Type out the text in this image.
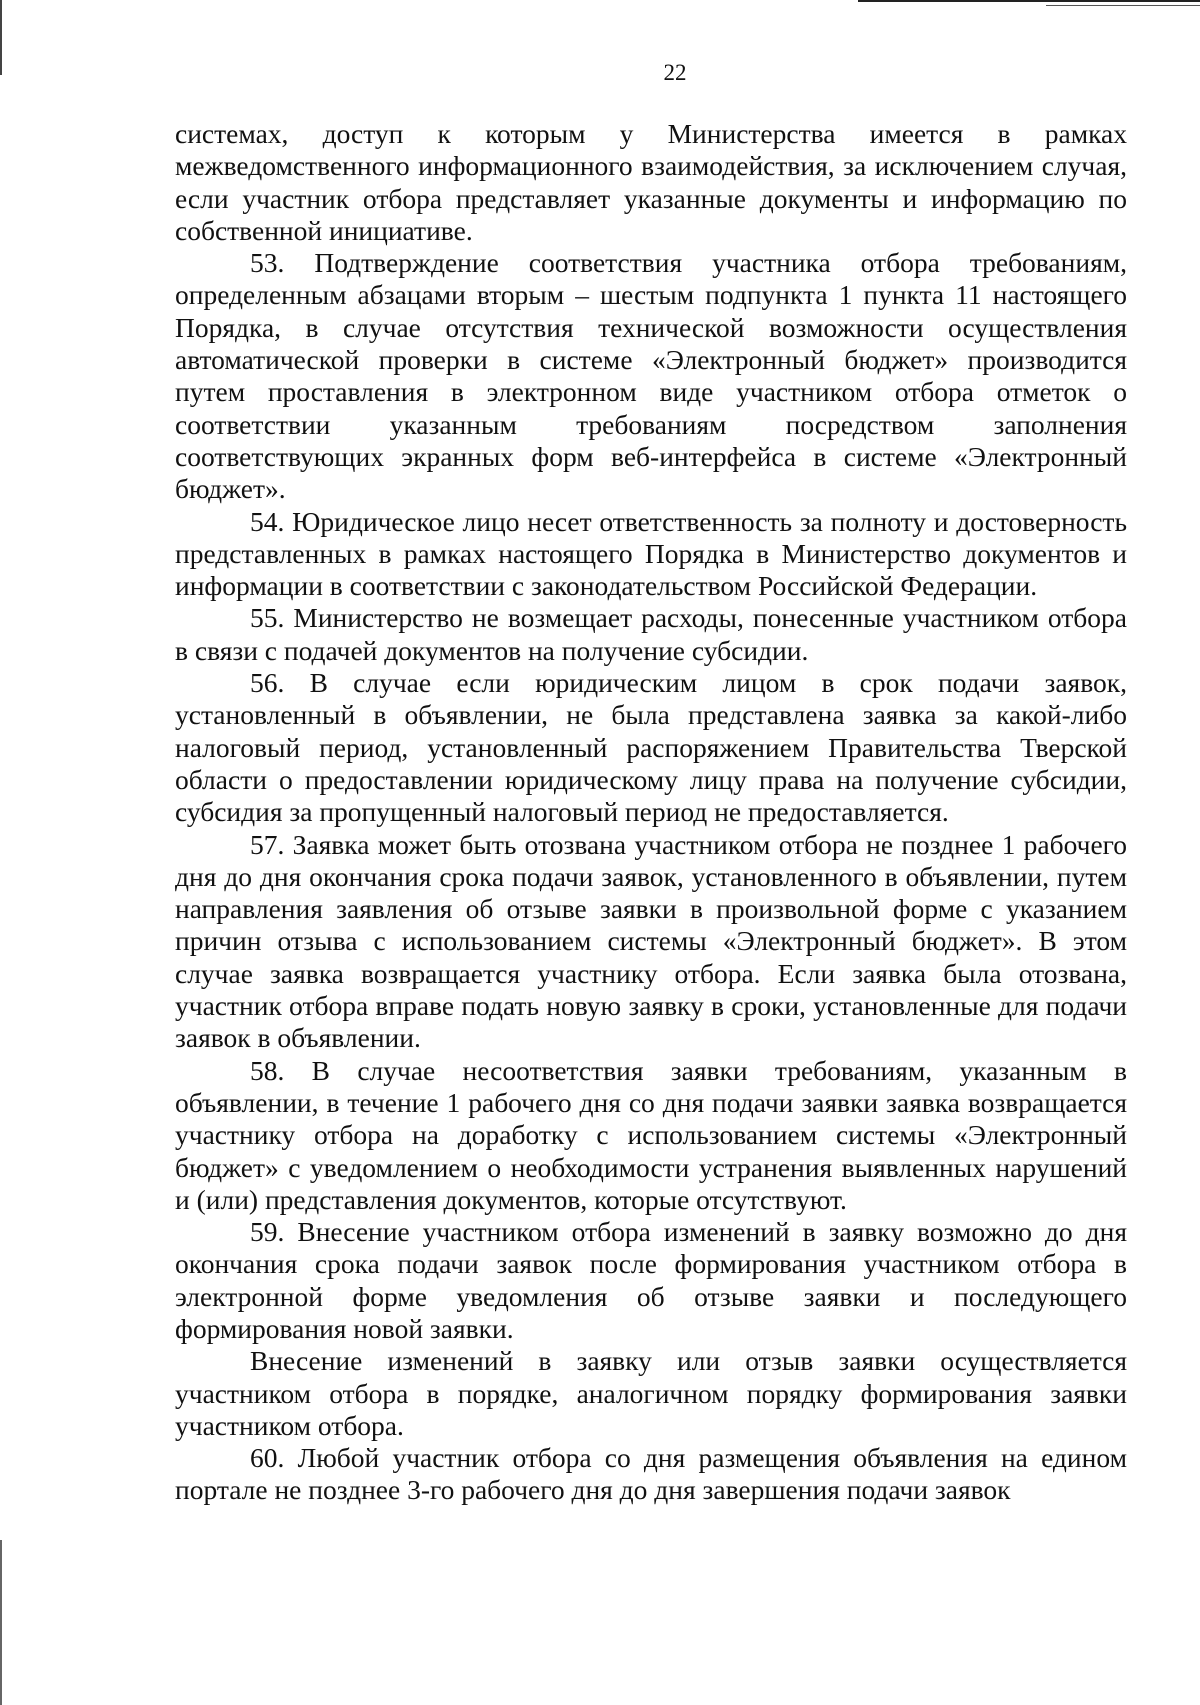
22

системах, доступ к которым у Министерства имеется в рамках межведомственного информационного взаимодействия, за исключением случая, если участник отбора представляет указанные документы и информацию по собственной инициативе.

53. Подтверждение соответствия участника отбора требованиям, определенным абзацами вторым – шестым подпункта 1 пункта 11 настоящего Порядка, в случае отсутствия технической возможности осуществления автоматической проверки в системе «Электронный бюджет» производится путем проставления в электронном виде участником отбора отметок о соответствии указанным требованиям посредством заполнения соответствующих экранных форм веб-интерфейса в системе «Электронный бюджет».

54. Юридическое лицо несет ответственность за полноту и достоверность представленных в рамках настоящего Порядка в Министерство документов и информации в соответствии с законодательством Российской Федерации.

55. Министерство не возмещает расходы, понесенные участником отбора в связи с подачей документов на получение субсидии.

56. В случае если юридическим лицом в срок подачи заявок, установленный в объявлении, не была представлена заявка за какой-либо налоговый период, установленный распоряжением Правительства Тверской области о предоставлении юридическому лицу права на получение субсидии, субсидия за пропущенный налоговый период не предоставляется.

57. Заявка может быть отозвана участником отбора не позднее 1 рабочего дня до дня окончания срока подачи заявок, установленного в объявлении, путем направления заявления об отзыве заявки в произвольной форме с указанием причин отзыва с использованием системы «Электронный бюджет». В этом случае заявка возвращается участнику отбора. Если заявка была отозвана, участник отбора вправе подать новую заявку в сроки, установленные для подачи заявок в объявлении.

58. В случае несоответствия заявки требованиям, указанным в объявлении, в течение 1 рабочего дня со дня подачи заявки заявка возвращается участнику отбора на доработку с использованием системы «Электронный бюджет» с уведомлением о необходимости устранения выявленных нарушений и (или) представления документов, которые отсутствуют.

59. Внесение участником отбора изменений в заявку возможно до дня окончания срока подачи заявок после формирования участником отбора в электронной форме уведомления об отзыве заявки и последующего формирования новой заявки.

Внесение изменений в заявку или отзыв заявки осуществляется участником отбора в порядке, аналогичном порядку формирования заявки участником отбора.

60. Любой участник отбора со дня размещения объявления на едином портале не позднее 3-го рабочего дня до дня завершения подачи заявок
